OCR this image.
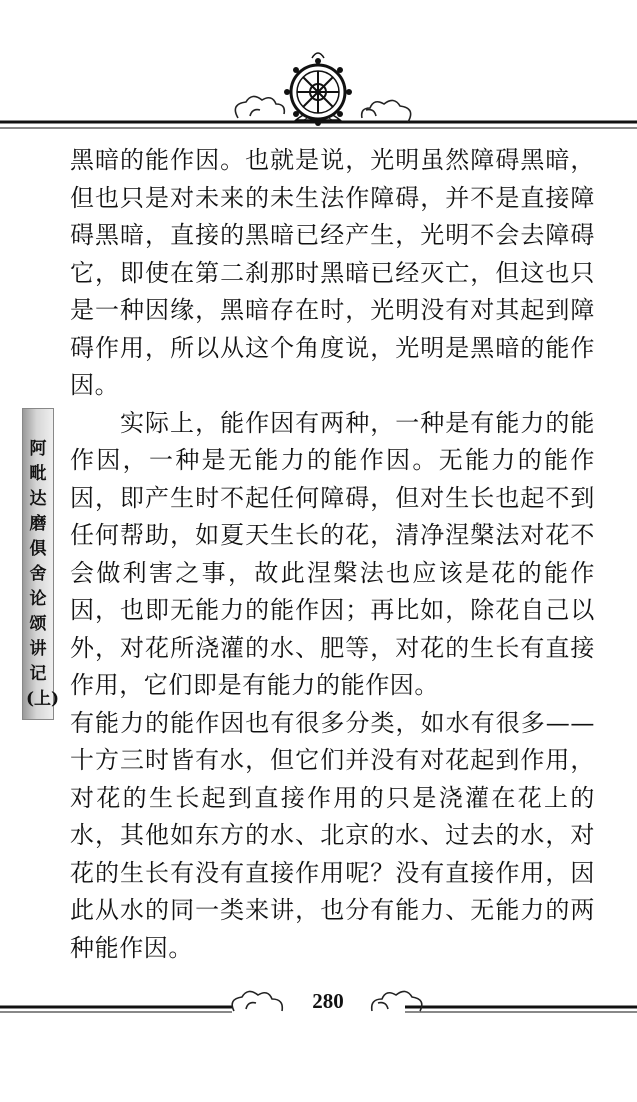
阿
毗
达
磨
俱
舍
论
颂
讲
记
(上)

黑暗的能作因。也就是说，光明虽然障碍黑暗，但也只是对未来的未生法作障碍，并不是直接障碍黑暗，直接的黑暗已经产生，光明不会去障碍它，即使在第二刹那时黑暗已经灭亡，但这也只是一种因缘，黑暗存在时，光明没有对其起到障碍作用，所以从这个角度说，光明是黑暗的能作因。

实际上，能作因有两种，一种是有能力的能作因，一种是无能力的能作因。无能力的能作因，即产生时不起任何障碍，但对生长也起不到任何帮助，如夏天生长的花，清净涅槃法对花不会做利害之事，故此涅槃法也应该是花的能作因，也即无能力的能作因；再比如，除花自己以外，对花所浇灌的水、肥等，对花的生长有直接作用，它们即是有能力的能作因。

有能力的能作因也有很多分类，如水有很多——十方三时皆有水，但它们并没有对花起到作用，对花的生长起到直接作用的只是浇灌在花上的水，其他如东方的水、北京的水、过去的水，对花的生长有没有直接作用呢？没有直接作用，因此从水的同一类来讲，也分有能力、无能力的两种能作因。

280
